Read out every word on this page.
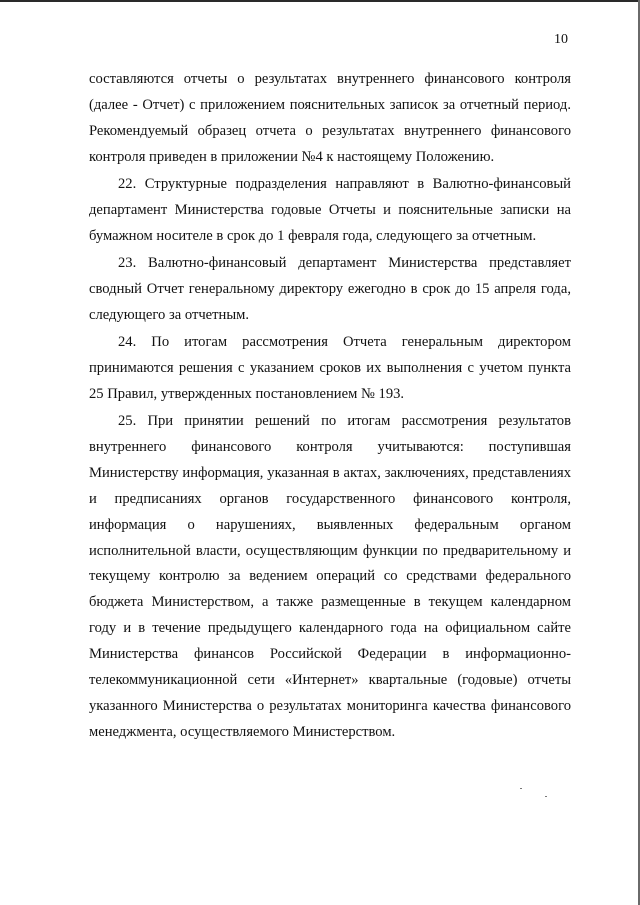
10

составляются отчеты о результатах внутреннего финансового контроля (далее - Отчет) с приложением пояснительных записок за отчетный период. Рекомендуемый образец отчета о результатах внутреннего финансового контроля приведен в приложении №4 к настоящему Положению.

22. Структурные подразделения направляют в Валютно-финансовый департамент Министерства годовые Отчеты и пояснительные записки на бумажном носителе в срок до 1 февраля года, следующего за отчетным.

23. Валютно-финансовый департамент Министерства представляет сводный Отчет генеральному директору ежегодно в срок до 15 апреля года, следующего за отчетным.

24. По итогам рассмотрения Отчета генеральным директором принимаются решения с указанием сроков их выполнения с учетом пункта 25 Правил, утвержденных постановлением № 193.

25. При принятии решений по итогам рассмотрения результатов внутреннего финансового контроля учитываются: поступившая Министерству информация, указанная в актах, заключениях, представлениях и предписаниях органов государственного финансового контроля, информация о нарушениях, выявленных федеральным органом исполнительной власти, осуществляющим функции по предварительному и текущему контролю за ведением операций со средствами федерального бюджета Министерством, а также размещенные в текущем календарном году и в течение предыдущего календарного года на официальном сайте Министерства финансов Российской Федерации в информационно-телекоммуникационной сети «Интернет» квартальные (годовые) отчеты указанного Министерства о результатах мониторинга качества финансового менеджмента, осуществляемого Министерством.
